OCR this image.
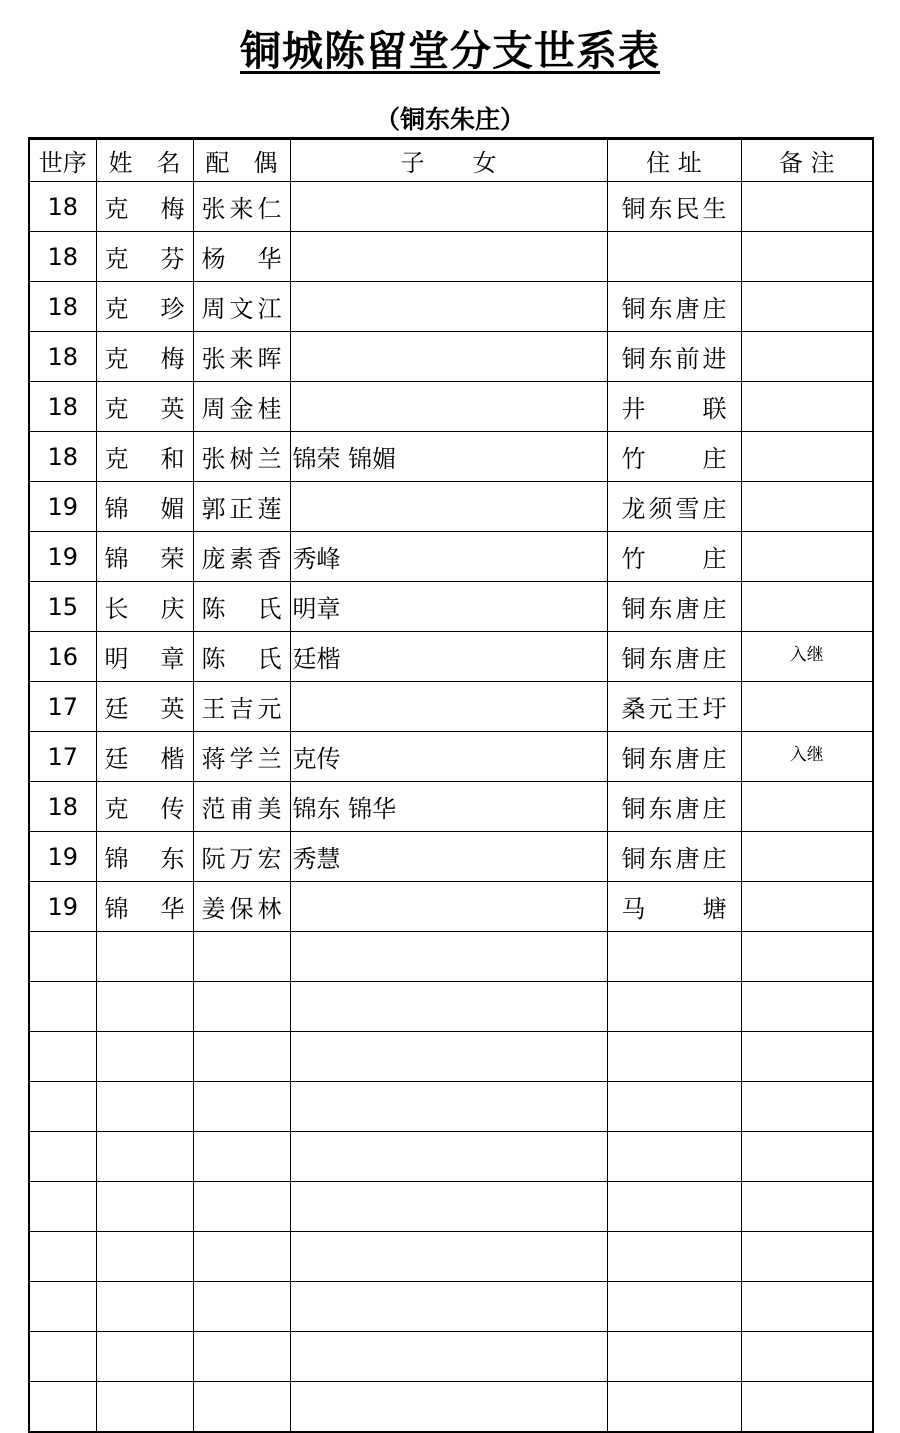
铜城陈留堂分支世系表
（铜东朱庄）
世序	姓　名	配　偶	子　　女	住 址	备 注
18	克梅	张来仁		铜东民生	
18	克芬	杨华			
18	克珍	周文江		铜东唐庄	
18	克梅	张来晖		铜东前进	
18	克英	周金桂		井联	
18	克和	张树兰	锦荣 锦媚	竹庄	
19	锦媚	郭正莲		龙须雪庄	
19	锦荣	庞素香	秀峰	竹庄	
15	长庆	陈氏	明章	铜东唐庄	
16	明章	陈氏	廷楷	铜东唐庄	入继
17	廷英	王吉元		桑元王圩	
17	廷楷	蒋学兰	克传	铜东唐庄	入继
18	克传	范甫美	锦东 锦华	铜东唐庄	
19	锦东	阮万宏	秀慧	铜东唐庄	
19	锦华	姜保林		马塘	
